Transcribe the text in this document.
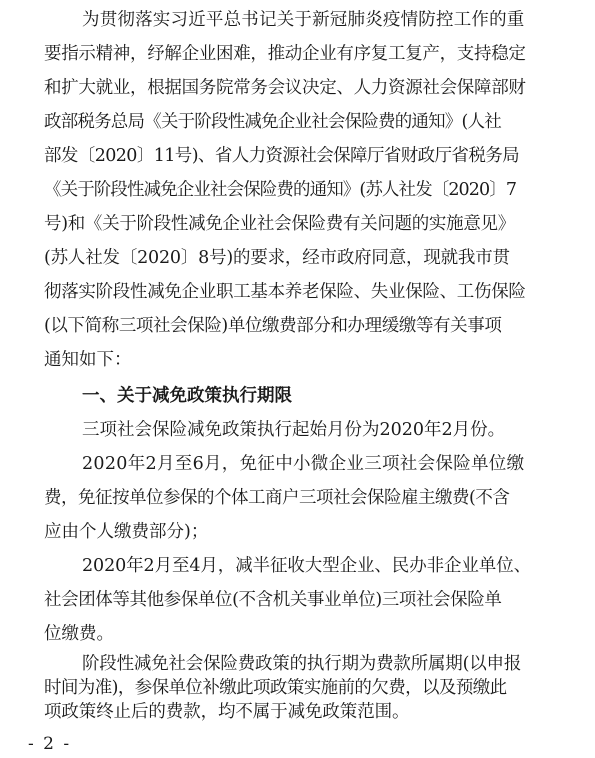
为贯彻落实习近平总书记关于新冠肺炎疫情防控工作的重
要指示精神，纾解企业困难，推动企业有序复工复产，支持稳定
和扩大就业，根据国务院常务会议决定、人力资源社会保障部财
政部税务总局《关于阶段性减免企业社会保险费的通知》(人社
部发〔2020〕11号)、省人力资源社会保障厅省财政厅省税务局
《关于阶段性减免企业社会保险费的通知》(苏人社发〔2020〕7
号)和《关于阶段性减免企业社会保险费有关问题的实施意见》
(苏人社发〔2020〕8号)的要求，经市政府同意，现就我市贯
彻落实阶段性减免企业职工基本养老保险、失业保险、工伤保险
(以下简称三项社会保险)单位缴费部分和办理缓缴等有关事项
通知如下：
一、关于减免政策执行期限
三项社会保险减免政策执行起始月份为2020年2月份。
2020年2月至6月，免征中小微企业三项社会保险单位缴
费，免征按单位参保的个体工商户三项社会保险雇主缴费(不含
应由个人缴费部分)；
2020年2月至4月，减半征收大型企业、民办非企业单位、
社会团体等其他参保单位(不含机关事业单位)三项社会保险单
位缴费。
阶段性减免社会保险费政策的执行期为费款所属期(以申报
时间为准)，参保单位补缴此项政策实施前的欠费，以及预缴此
项政策终止后的费款，均不属于减免政策范围。
- 2 -
